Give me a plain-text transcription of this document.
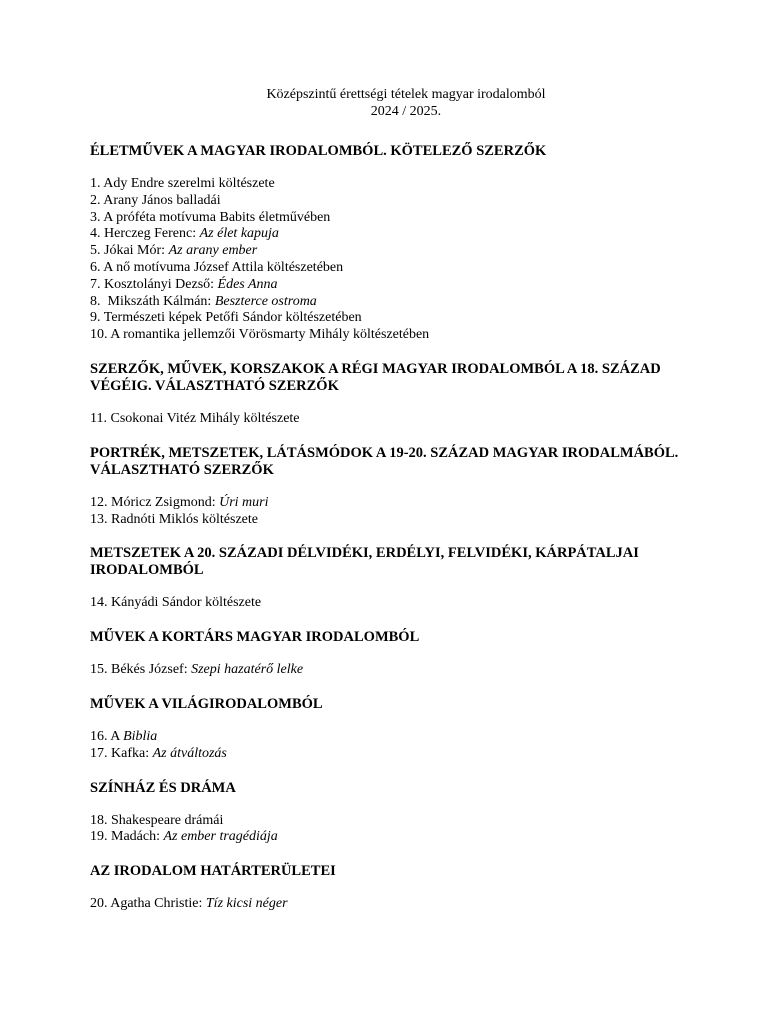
Középszintű érettségi tételek magyar irodalomból
2024 / 2025.

ÉLETMŰVEK A MAGYAR IRODALOMBÓL. KÖTELEZŐ SZERZŐK

1. Ady Endre szerelmi költészete
2. Arany János balladái
3. A próféta motívuma Babits életművében
4. Herczeg Ferenc: Az élet kapuja
5. Jókai Mór: Az arany ember
6. A nő motívuma József Attila költészetében
7. Kosztolányi Dezső: Édes Anna
8.  Mikszáth Kálmán: Beszterce ostroma
9. Természeti képek Petőfi Sándor költészetében
10. A romantika jellemzői Vörösmarty Mihály költészetében

SZERZŐK, MŰVEK, KORSZAKOK A RÉGI MAGYAR IRODALOMBÓL A 18. SZÁZAD VÉGÉIG. VÁLASZTHATÓ SZERZŐK

11. Csokonai Vitéz Mihály költészete

PORTRÉK, METSZETEK, LÁTÁSMÓDOK A 19-20. SZÁZAD MAGYAR IRODALMÁBÓL. VÁLASZTHATÓ SZERZŐK

12. Móricz Zsigmond: Úri muri
13. Radnóti Miklós költészete

METSZETEK A 20. SZÁZADI DÉLVIDÉKI, ERDÉLYI, FELVIDÉKI, KÁRPÁTALJAI IRODALOMBÓL

14. Kányádi Sándor költészete

MŰVEK A KORTÁRS MAGYAR IRODALOMBÓL

15. Békés József: Szepi hazatérő lelke

MŰVEK A VILÁGIRODALOMBÓL

16. A Biblia
17. Kafka: Az átváltozás

SZÍNHÁZ ÉS DRÁMA

18. Shakespeare drámái
19. Madách: Az ember tragédiája

AZ IRODALOM HATÁRTERÜLETEI

20. Agatha Christie: Tíz kicsi néger
